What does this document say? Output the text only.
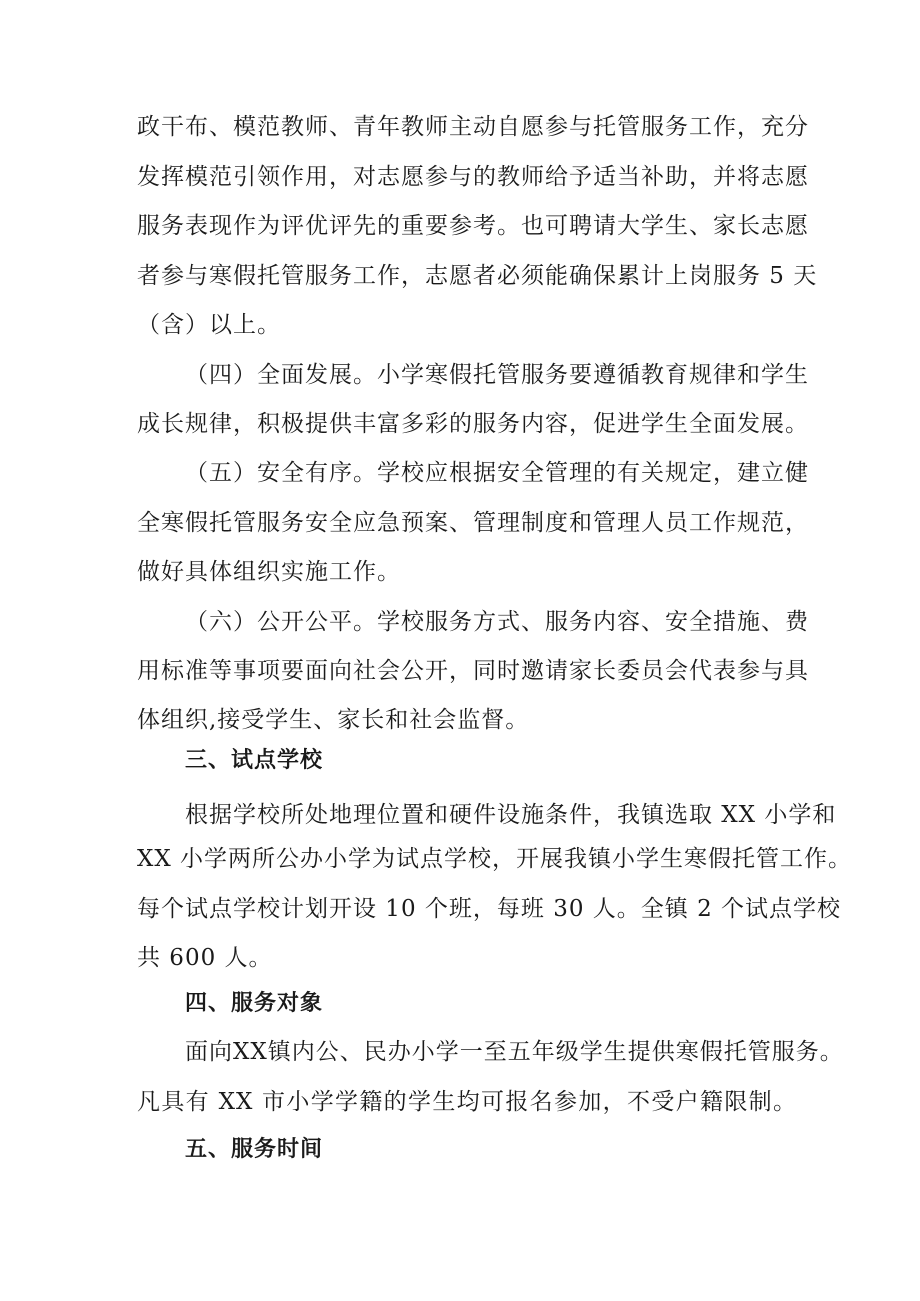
政干布、模范教师、青年教师主动自愿参与托管服务工作，充分
发挥模范引领作用，对志愿参与的教师给予适当补助，并将志愿
服务表现作为评优评先的重要参考。也可聘请大学生、家长志愿
者参与寒假托管服务工作，志愿者必须能确保累计上岗服务 5 天
（含）以上。
（四）全面发展。小学寒假托管服务要遵循教育规律和学生
成长规律，积极提供丰富多彩的服务内容，促进学生全面发展。
（五）安全有序。学校应根据安全管理的有关规定，建立健
全寒假托管服务安全应急预案、管理制度和管理人员工作规范，
做好具体组织实施工作。
（六）公开公平。学校服务方式、服务内容、安全措施、费
用标准等事项要面向社会公开，同时邀请家长委员会代表参与具
体组织,接受学生、家长和社会监督。
三、试点学校
根据学校所处地理位置和硬件设施条件，我镇选取 XX 小学和
XX 小学两所公办小学为试点学校，开展我镇小学生寒假托管工作。
每个试点学校计划开设 10 个班，每班 30 人。全镇 2 个试点学校
共 600 人。
四、服务对象
面向XX镇内公、民办小学一至五年级学生提供寒假托管服务。
凡具有 XX 市小学学籍的学生均可报名参加，不受户籍限制。
五、服务时间
